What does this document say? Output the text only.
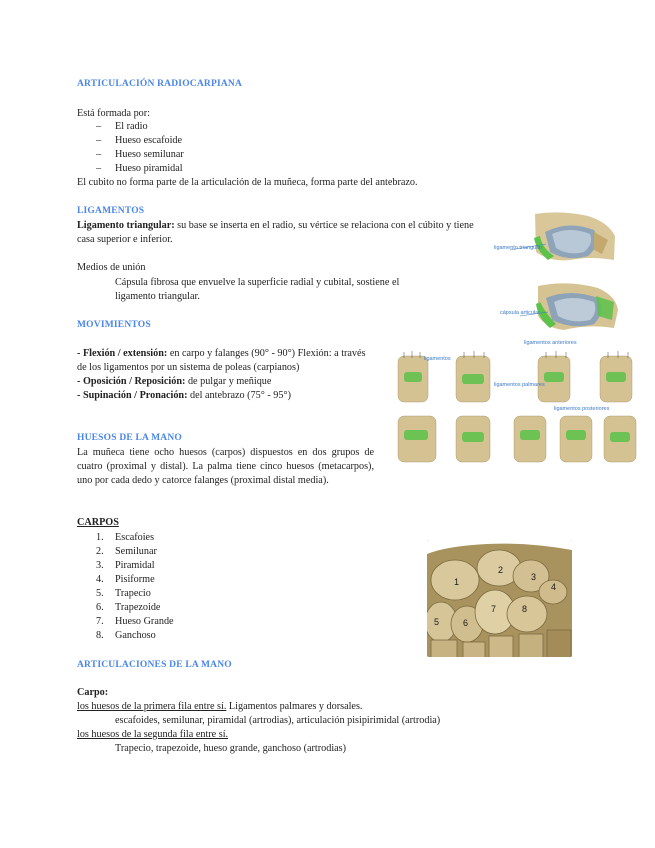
ARTICULACIÓN RADIOCARPIANA
Está formada por:
– El radio
– Hueso escafoide
– Hueso semilunar
– Hueso piramidal
El cubito no forma parte de la articulación de la muñeca, forma parte del antebrazo.
LIGAMENTOS
Ligamento triangular: su base se inserta en el radio, su vértice se relaciona con el cúbito y tiene casa superior e inferior.
Medios de unión
Cápsula fibrosa que envuelve la superficie radial y cubital, sostiene el ligamento triangular.
MOVIMIENTOS
- Flexión / extensión: en carpo y falanges (90° - 90°) Flexión: a través de los ligamentos por un sistema de poleas (carpianos)
- Oposición / Reposición: de pulgar y meñique
- Supinación / Pronación: del antebrazo (75° - 95°)
HUESOS DE LA MANO
La muñeca tiene ocho huesos (carpos) dispuestos en dos grupos de cuatro (proximal y distal). La palma tiene cinco huesos (metacarpos), uno por cada dedo y catorce falanges (proximal distal media).
CARPOS
1. Escafoies
2. Semilunar
3. Piramidal
4. Pisiforme
5. Trapecio
6. Trapezoide
7. Hueso Grande
8. Ganchoso
ARTICULACIONES DE LA MANO
Carpo:
los huesos de la primera fila entre sí. Ligamentos palmares y dorsales.
escafoides, semilunar, piramidal (artrodias), articulación pisipirimidal (artrodia)
los huesos de la segunda fila entre sí.
Trapecio, trapezoide, hueso grande, ganchoso (artrodias)
ligamento triangular
cápsula articular
ligamentos anteriores
ligamentos
ligamentos palmares
ligamentos posteriores
1
2
3
4
5	6
7	8
